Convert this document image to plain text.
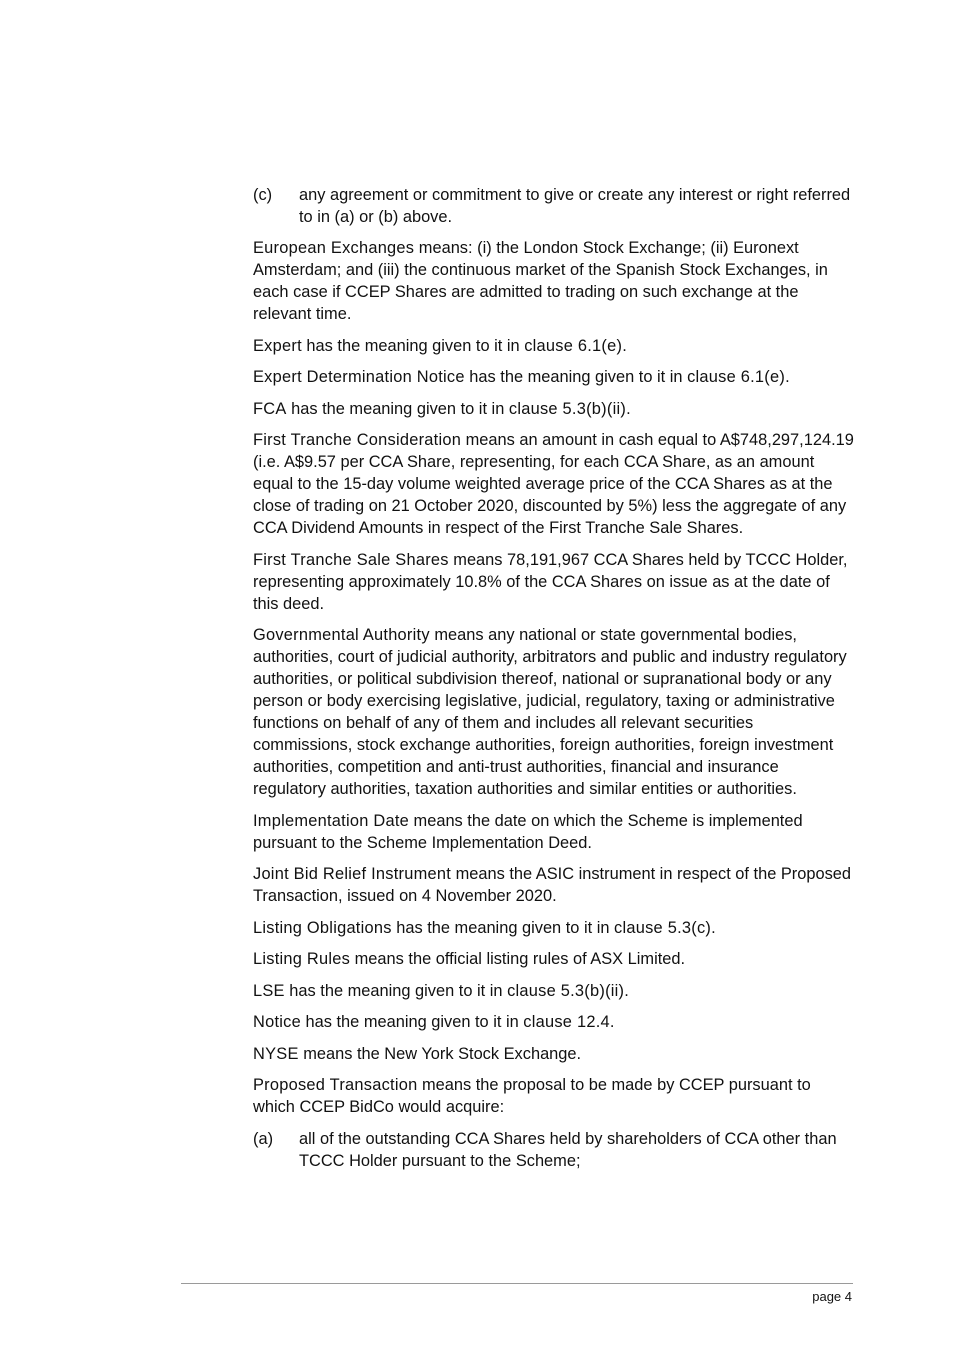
(c)	any agreement or commitment to give or create any interest or right referred to in (a) or (b) above.

European Exchanges means: (i) the London Stock Exchange; (ii) Euronext Amsterdam; and (iii) the continuous market of the Spanish Stock Exchanges, in each case if CCEP Shares are admitted to trading on such exchange at the relevant time.

Expert has the meaning given to it in clause 6.1(e).

Expert Determination Notice has the meaning given to it in clause 6.1(e).

FCA has the meaning given to it in clause 5.3(b)(ii).

First Tranche Consideration means an amount in cash equal to A$748,297,124.19 (i.e. A$9.57 per CCA Share, representing, for each CCA Share, as an amount equal to the 15-day volume weighted average price of the CCA Shares as at the close of trading on 21 October 2020, discounted by 5%) less the aggregate of any CCA Dividend Amounts in respect of the First Tranche Sale Shares.

First Tranche Sale Shares means 78,191,967 CCA Shares held by TCCC Holder, representing approximately 10.8% of the CCA Shares on issue as at the date of this deed.

Governmental Authority means any national or state governmental bodies, authorities, court of judicial authority, arbitrators and public and industry regulatory authorities, or political subdivision thereof, national or supranational body or any person or body exercising legislative, judicial, regulatory, taxing or administrative functions on behalf of any of them and includes all relevant securities commissions, stock exchange authorities, foreign authorities, foreign investment authorities, competition and anti-trust authorities, financial and insurance regulatory authorities, taxation authorities and similar entities or authorities.

Implementation Date means the date on which the Scheme is implemented pursuant to the Scheme Implementation Deed.

Joint Bid Relief Instrument means the ASIC instrument in respect of the Proposed Transaction, issued on 4 November 2020.

Listing Obligations has the meaning given to it in clause 5.3(c).

Listing Rules means the official listing rules of ASX Limited.

LSE has the meaning given to it in clause 5.3(b)(ii).

Notice has the meaning given to it in clause 12.4.

NYSE means the New York Stock Exchange.

Proposed Transaction means the proposal to be made by CCEP pursuant to which CCEP BidCo would acquire:

(a)	all of the outstanding CCA Shares held by shareholders of CCA other than TCCC Holder pursuant to the Scheme;
page 4
